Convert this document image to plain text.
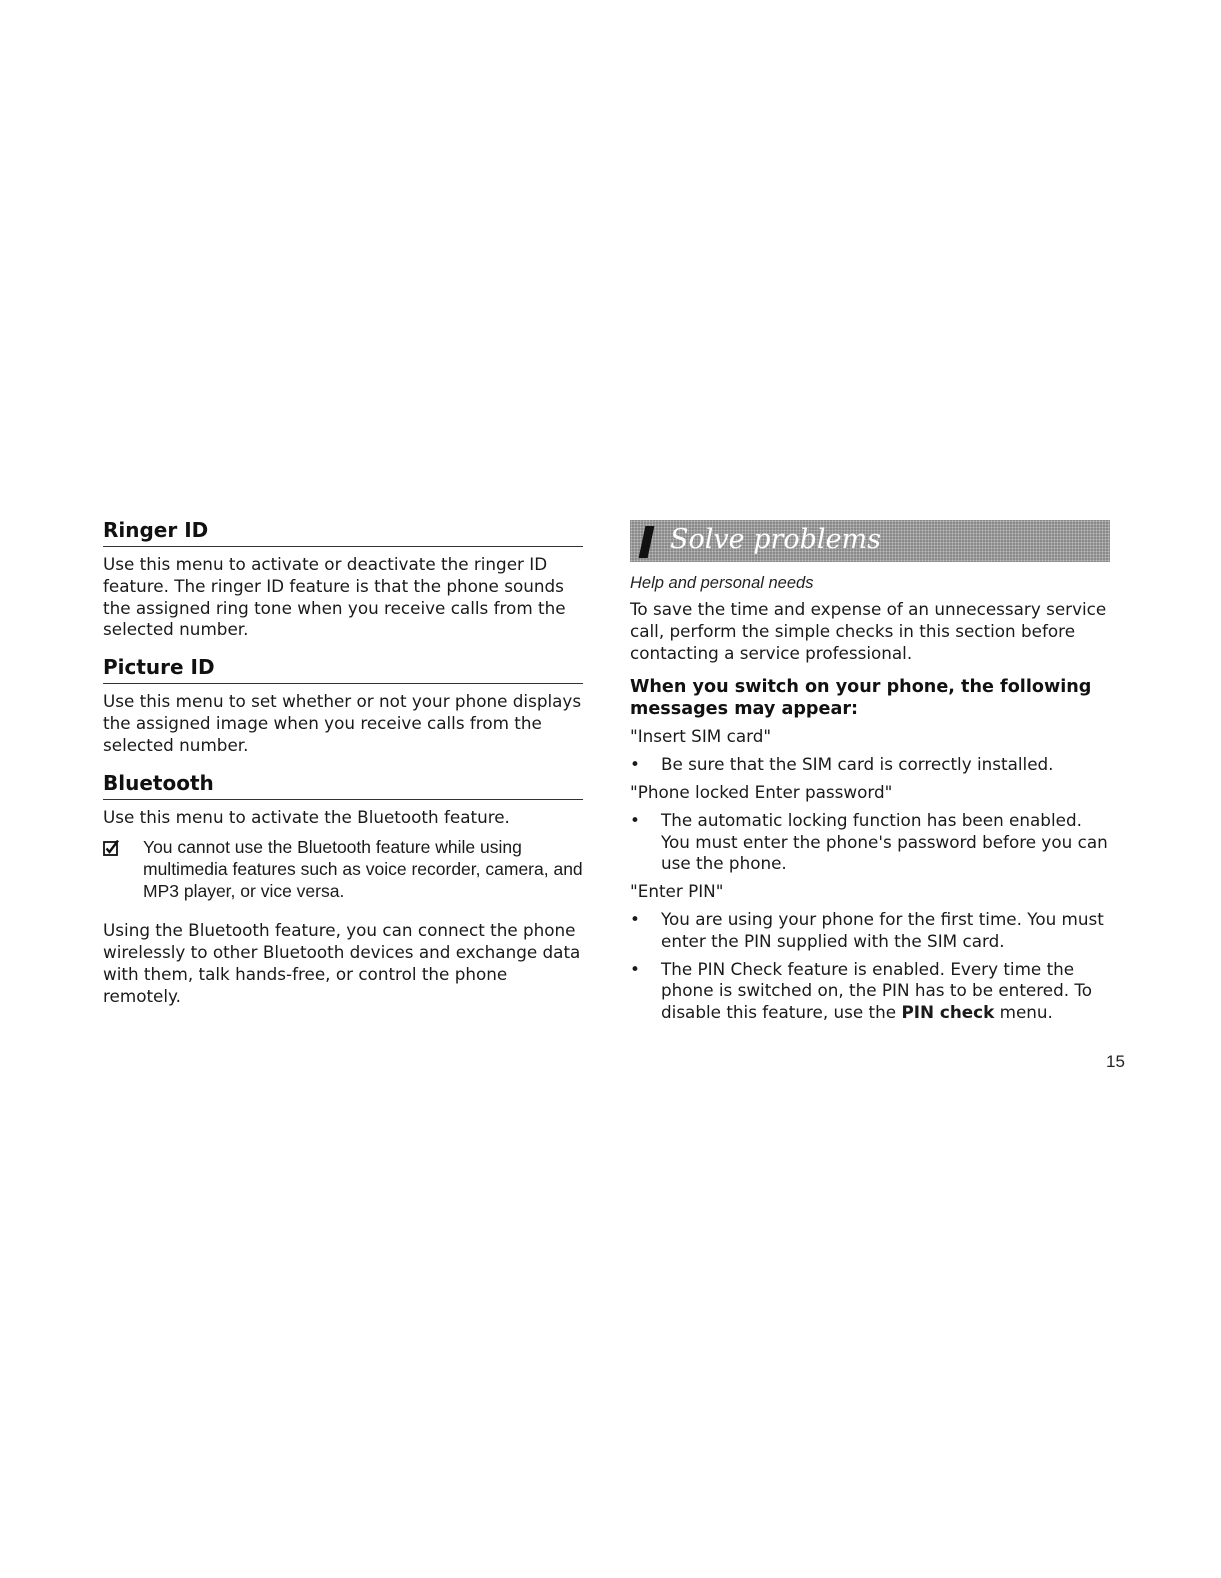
Ringer ID

Use this menu to activate or deactivate the ringer ID feature. The ringer ID feature is that the phone sounds the assigned ring tone when you receive calls from the selected number.

Picture ID

Use this menu to set whether or not your phone displays the assigned image when you receive calls from the selected number.

Bluetooth

Use this menu to activate the Bluetooth feature.

You cannot use the Bluetooth feature while using multimedia features such as voice recorder, camera, and MP3 player, or vice versa.

Using the Bluetooth feature, you can connect the phone wirelessly to other Bluetooth devices and exchange data with them, talk hands-free, or control the phone remotely.

Solve problems

Help and personal needs

To save the time and expense of an unnecessary service call, perform the simple checks in this section before contacting a service professional.

When you switch on your phone, the following messages may appear:

"Insert SIM card"

•	Be sure that the SIM card is correctly installed.

"Phone locked Enter password"

•	The automatic locking function has been enabled. You must enter the phone's password before you can use the phone.

"Enter PIN"

•	You are using your phone for the first time. You must enter the PIN supplied with the SIM card.
•	The PIN Check feature is enabled. Every time the phone is switched on, the PIN has to be entered. To disable this feature, use the PIN check menu.
15
